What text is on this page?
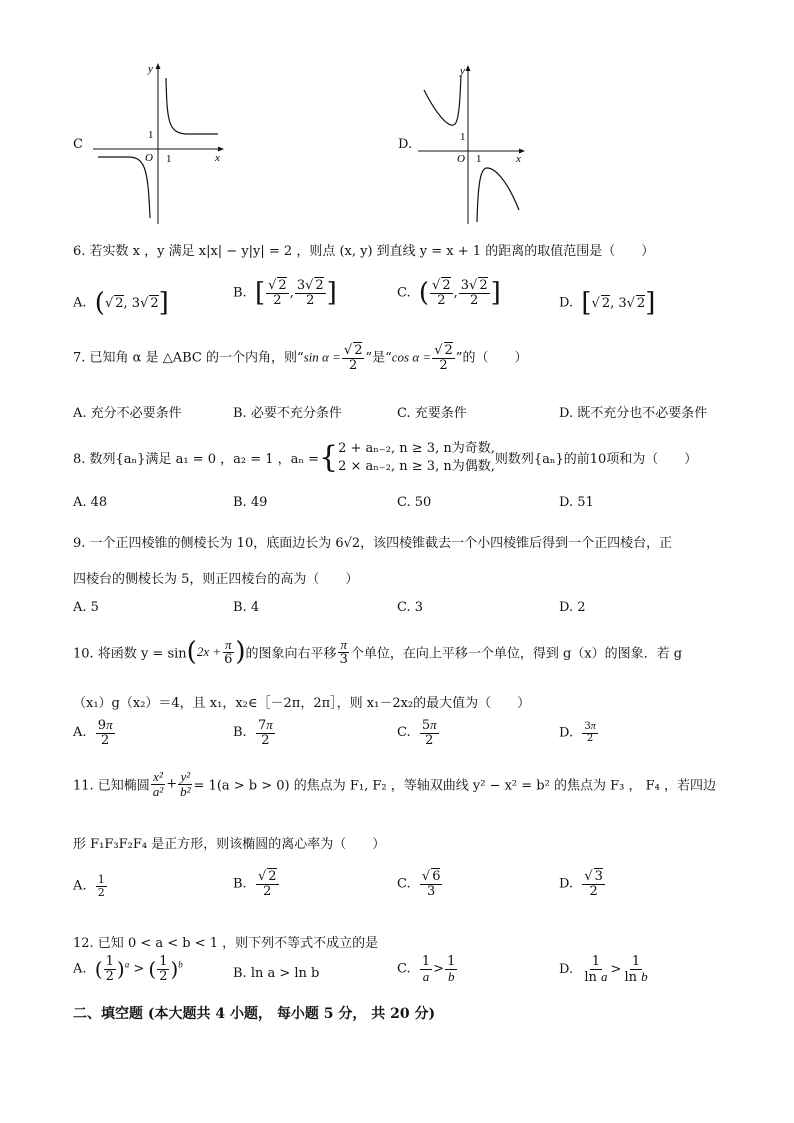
C
y
x
O 1
1
D.
y
x
O 1
1
6. 若实数 x ，y 满足 x|x| − y|y| = 2 ，则点 (x, y) 到直线 y = x + 1 的距离的取值范围是（　　）
A. (√ 2, 3√ 2]	B. [ $\frac{√ 2}{2}$ , $\frac{3√ 2}{2}$ ]	C. ( $\frac{√ 2}{2}$ , $\frac{3√ 2}{2}$ ]	D. [√ 2, 3√ 2]
7. 已知角 α 是 △ABC 的一个内角，则“sin $\alpha = \frac{√ 2}{2}$ ”是“cos $\alpha = \frac{√ 2}{2}$ ”的（　　）
A. 充分不必要条件	B. 必要不充分条件	C. 充要条件	D. 既不充分也不必要条件
8. 数列{aₙ}满足 a₁ = 0 ，a₂ = 1 ，aₙ ={ 2 + aₙ₋₂, n ≥ 3, n为奇数,
2 × aₙ₋₂, n ≥ 3, n为偶数, 则数列{aₙ}的前10项和为（　　）
A. 48	B. 49	C. 50	D. 51
9. 一个正四棱锥的侧棱长为 10，底面边长为 6√2，该四棱锥截去一个小四棱锥后得到一个正四棱台，正
四棱台的侧棱长为 5，则正四棱台的高为（　　）
A. 5	B. 4	C. 3	D. 2
10. 将函数 $y = \sin(2x + \frac{\pi}{6}$ )的图象向右平移 $\frac{\pi}{3}$ 个单位，在向上平移一个单位，得到 g（x）的图象．若 g
（x₁）g（x₂）＝4，且 x₁，x₂∈［－2π，2π］，则 x₁－2x₂的最大值为（　　）
A. $\frac{9\pi}{2}$	B. $\frac{7\pi}{2}$	C. $\frac{5\pi}{2}$	D. $\frac{3\pi}{2}$
11. 已知椭圆 $\frac{\text{x²}}{\text{a²}} + \frac{\text{y²}}{\text{b²}} = 1(a > b > 0)$ 的焦点为 F₁, F₂ ，等轴双曲线 y² − x² = b² 的焦点为 F₃ ， F₄ ，若四边
形 F₁F₃F₂F₄ 是正方形，则该椭圆的离心率为（　　）
A. $\frac{1}{2}$	B. $\frac{√ 2}{2}$	C. $\frac{√ 6}{3}$	D. $\frac{√ 3}{2}$
12. 已知 0 < a < b < 1 ，则下列不等式不成立的是
A. ( $\frac{1}{2} )^a$ > ( $\frac{1}{2} )^b$
B. ln a > ln b	C. $\frac{1}{a} > \frac{1}{b}$	D. $\frac{1}{\text{ln a}} > \frac{1}{\text{ln b}}$
二、填空题 (本大题共 4 小题， 每小题 5 分， 共 20 分)
